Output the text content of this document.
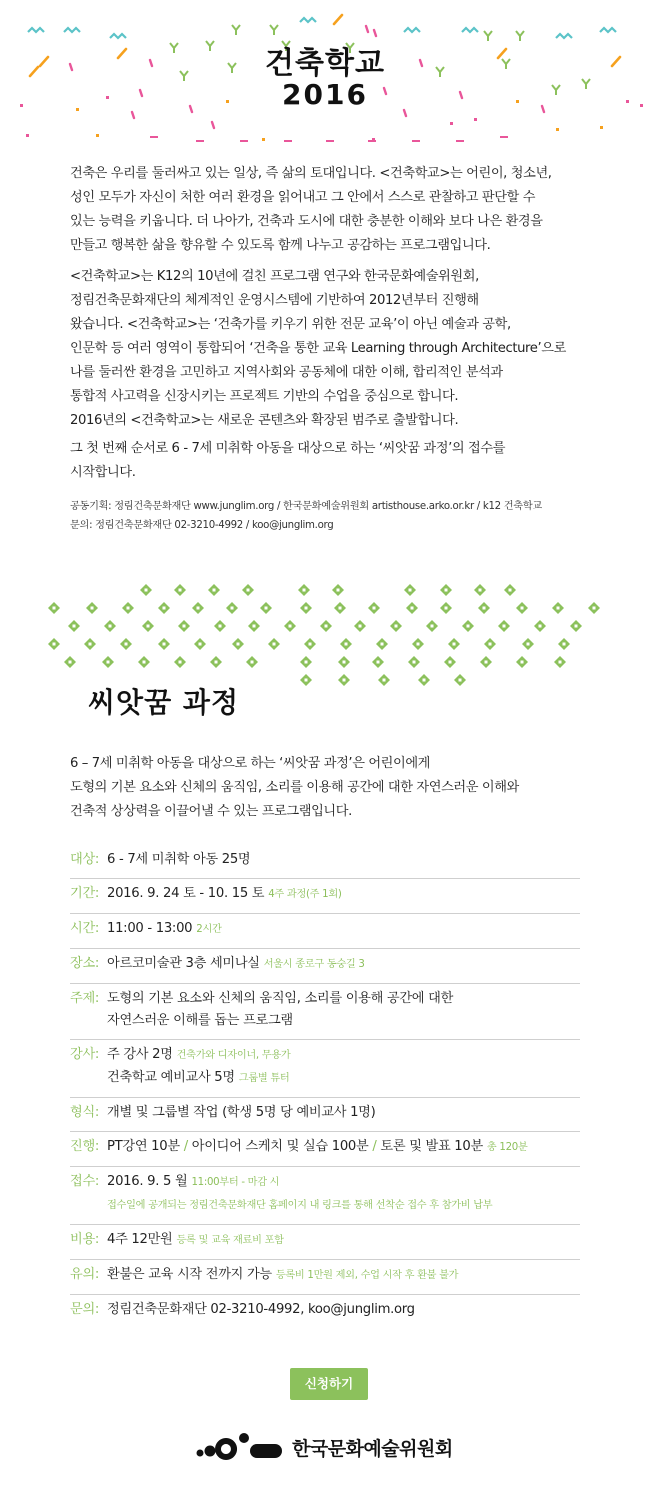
건축학교
2016

건축은 우리를 둘러싸고 있는 일상, 즉 삶의 토대입니다. <건축학교>는 어린이, 청소년,

성인 모두가 자신이 처한 여러 환경을 읽어내고 그 안에서 스스로 관찰하고 판단할 수

있는 능력을 키웁니다. 더 나아가, 건축과 도시에 대한 충분한 이해와 보다 나은 환경을

만들고 행복한 삶을 향유할 수 있도록 함께 나누고 공감하는 프로그램입니다.

<건축학교>는 K12의 10년에 걸친 프로그램 연구와 한국문화예술위원회,

정림건축문화재단의 체계적인 운영시스템에 기반하여 2012년부터 진행해

왔습니다. <건축학교>는 ‘건축가를 키우기 위한 전문 교육’이 아닌 예술과 공학,

인문학 등 여러 영역이 통합되어 ‘건축을 통한 교육 Learning through Architecture’으로

나를 둘러싼 환경을 고민하고 지역사회와 공동체에 대한 이해, 합리적인 분석과

통합적 사고력을 신장시키는 프로젝트 기반의 수업을 중심으로 합니다.

2016년의 <건축학교>는 새로운 콘텐츠와 확장된 범주로 출발합니다.

그 첫 번째 순서로 6 - 7세 미취학 아동을 대상으로 하는 ‘씨앗꿈 과정’의 접수를

시작합니다.

공동기획: 정림건축문화재단 www.junglim.org / 한국문화예술위원회 artisthouse.arko.or.kr / k12 건축학교
문의: 정림건축문화재단 02-3210-4992 / koo@junglim.org
씨앗꿈 과정

6 – 7세 미취학 아동을 대상으로 하는 ‘씨앗꿈 과정’은 어린이에게

도형의 기본 요소와 신체의 움직임, 소리를 이용해 공간에 대한 자연스러운 이해와

건축적 상상력을 이끌어낼 수 있는 프로그램입니다.

대상: 6 - 7세 미취학 아동 25명
기간: 2016. 9. 24 토 - 10. 15 토 4주 과정(주 1회)
시간: 11:00 - 13:00 2시간
장소: 아르코미술관 3층 세미나실 서울시 종로구 동숭길 3
주제: 도형의 기본 요소와 신체의 움직임, 소리를 이용해 공간에 대한
자연스러운 이해를 돕는 프로그램
강사: 주 강사 2명 건축가와 디자이너, 무용가
건축학교 예비교사 5명 그룹별 튜터
형식: 개별 및 그룹별 작업 (학생 5명 당 예비교사 1명)
진행: PT강연 10분 / 아이디어 스케치 및 실습 100분 / 토론 및 발표 10분 총 120분
접수: 2016. 9. 5 월 11:00부터 - 마감 시
접수일에 공개되는 정림건축문화재단 홈페이지 내 링크를 통해 선착순 접수 후 참가비 납부
비용: 4주 12만원 등록 및 교육 재료비 포함
유의: 환불은 교육 시작 전까지 가능 등록비 1만원 제외, 수업 시작 후 환불 불가
문의: 정림건축문화재단 02-3210-4992, koo@junglim.org
신청하기
한국문화예술위원회
